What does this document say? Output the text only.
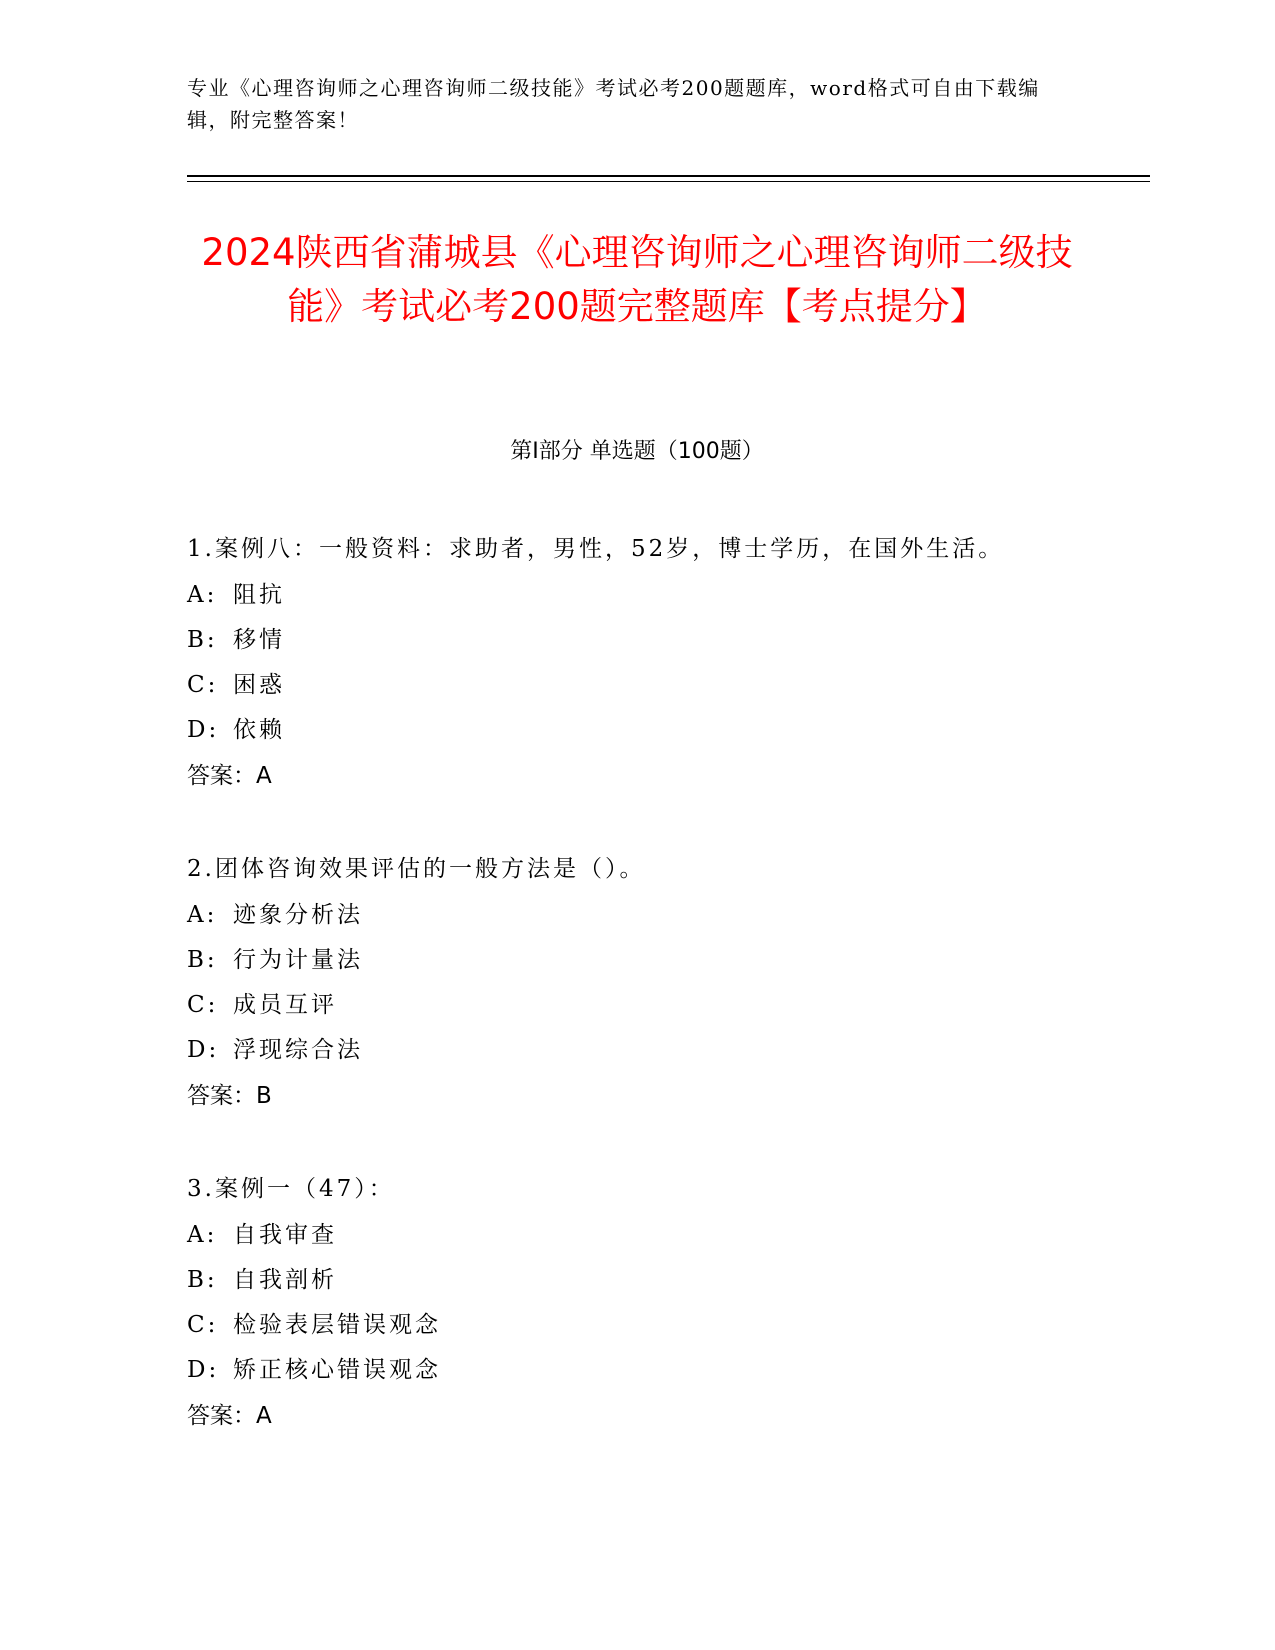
专业《心理咨询师之心理咨询师二级技能》考试必考200题题库，word格式可自由下载编辑，附完整答案！
2024陕西省蒲城县《心理咨询师之心理咨询师二级技能》考试必考200题完整题库【考点提分】
第I部分 单选题（100题）
1.案例八：一般资料：求助者，男性，52岁，博士学历，在国外生活。
A: 阻抗
B: 移情
C: 困惑
D: 依赖
答案：A
2.团体咨询效果评估的一般方法是（）。
A: 迹象分析法
B: 行为计量法
C: 成员互评
D: 浮现综合法
答案：B
3.案例一（47）：
A: 自我审查
B: 自我剖析
C: 检验表层错误观念
D: 矫正核心错误观念
答案：A
